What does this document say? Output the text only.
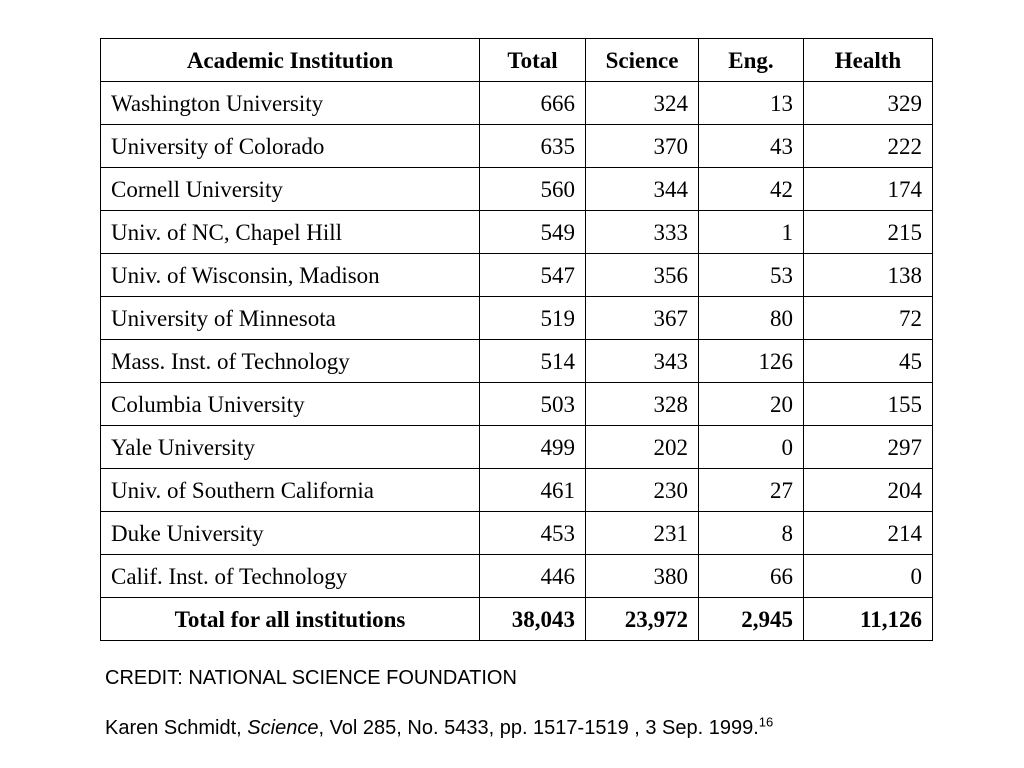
Academic Institution	Total	Science	Eng.	Health
Washington University	666	324	13	329
University of Colorado	635	370	43	222
Cornell University	560	344	42	174
Univ. of NC, Chapel Hill	549	333	1	215
Univ. of Wisconsin, Madison	547	356	53	138
University of Minnesota	519	367	80	72
Mass. Inst. of Technology	514	343	126	45
Columbia University	503	328	20	155
Yale University	499	202	0	297
Univ. of Southern California	461	230	27	204
Duke University	453	231	8	214
Calif. Inst. of Technology	446	380	66	0
Total for all institutions	38,043	23,972	2,945	11,126
CREDIT: NATIONAL SCIENCE FOUNDATION
Karen Schmidt, Science, Vol 285, No. 5433, pp. 1517-1519 , 3 Sep. 1999.16
